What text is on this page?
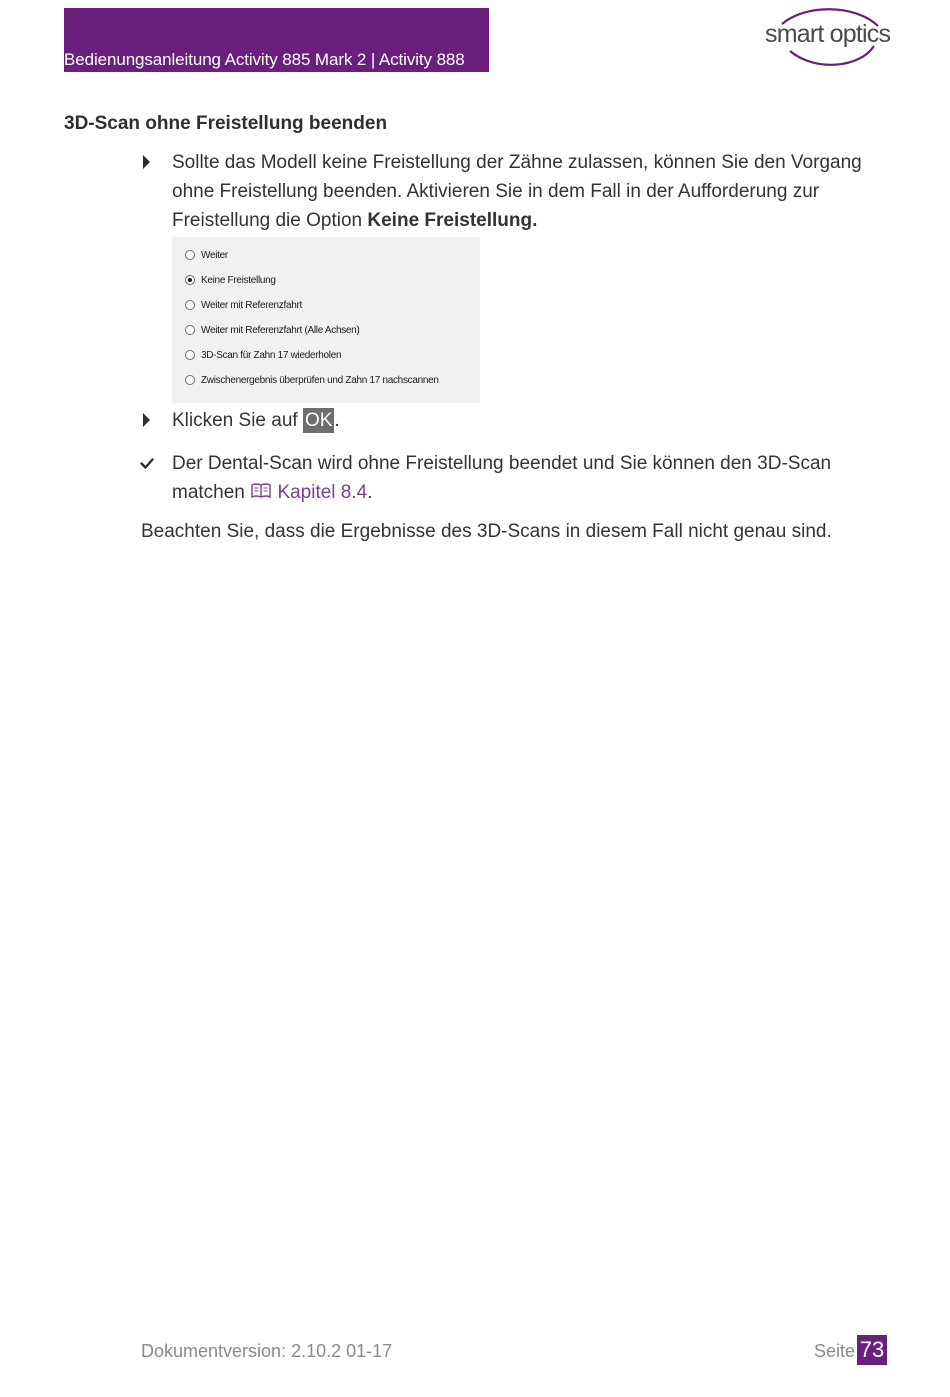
Bedienungsanleitung Activity 885 Mark 2 | Activity 888
smart optics
3D-Scan ohne Freistellung beenden
Sollte das Modell keine Freistellung der Zähne zulassen, können Sie den Vorgang ohne Freistellung beenden. Aktivieren Sie in dem Fall in der Aufforderung zur Freistellung die Option Keine Freistellung.
Weiter
Keine Freistellung
Weiter mit Referenzfahrt
Weiter mit Referenzfahrt (Alle Achsen)
3D-Scan für Zahn 17 wiederholen
Zwischenergebnis überprüfen und Zahn 17 nachscannen
Klicken Sie auf OK .
Der Dental-Scan wird ohne Freistellung beendet und Sie können den 3D-Scan matchen  Kapitel 8.4.

Beachten Sie, dass die Ergebnisse des 3D-Scans in diesem Fall nicht genau sind.

Dokumentversion: 2.10.2 01-17	Seite 73
